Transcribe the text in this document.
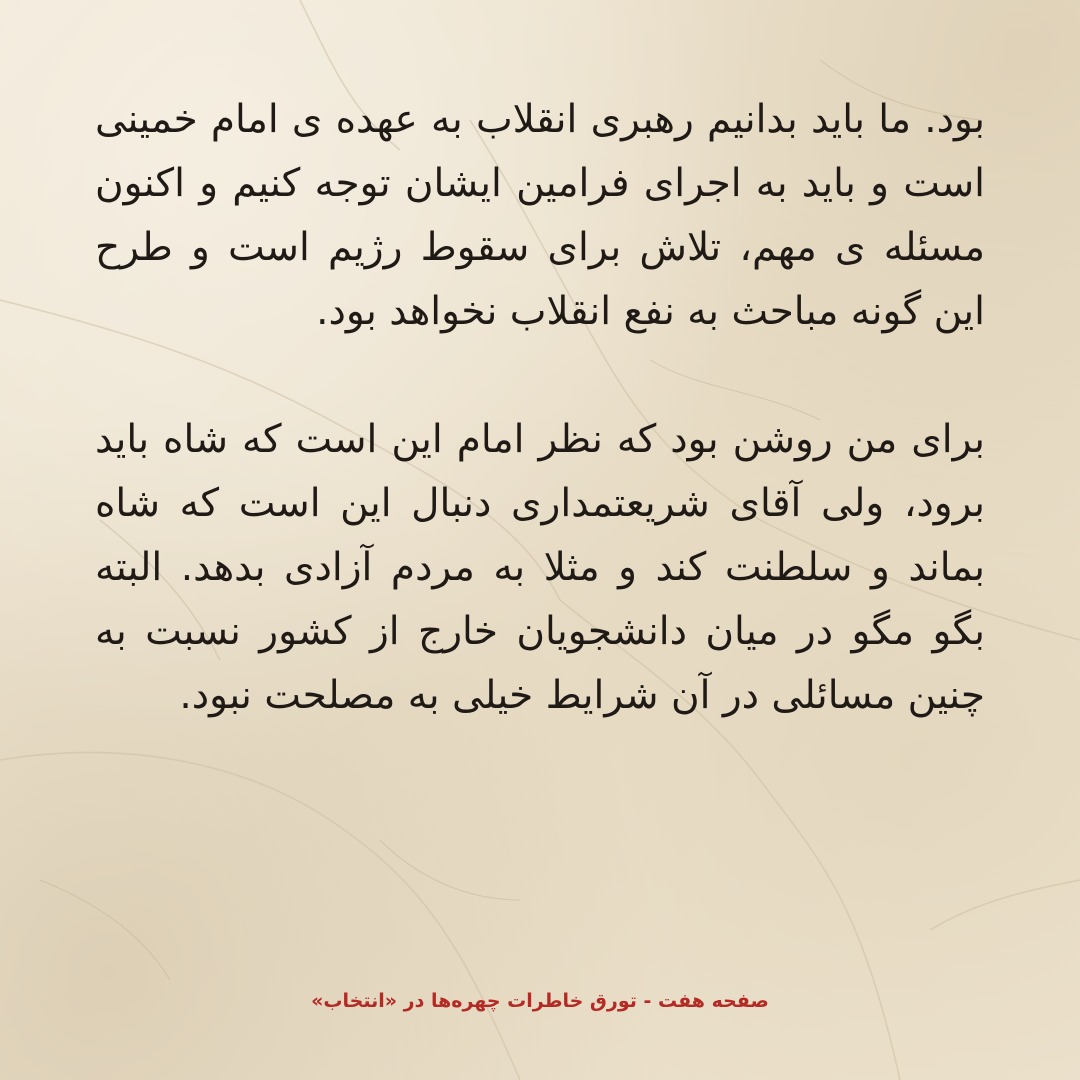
بود. ما باید بدانیم رهبری انقلاب به عهده ی امام خمینی است و باید به اجرای فرامین ایشان توجه کنیم و اکنون مسئله ی مهم، تلاش برای سقوط رژیم است و طرح این گونه مباحث به نفع انقلاب نخواهد بود.

برای من روشن بود که نظر امام این است که شاه باید برود، ولی آقای شریعتمداری دنبال این است که شاه بماند و سلطنت کند و مثلا به مردم آزادی بدهد. البته بگو مگو در میان دانشجویان خارج از کشور نسبت به چنین مسائلی در آن شرایط خیلی به مصلحت نبود.

صفحه هفت - تورق خاطرات چهره‌ها در «انتخاب»
